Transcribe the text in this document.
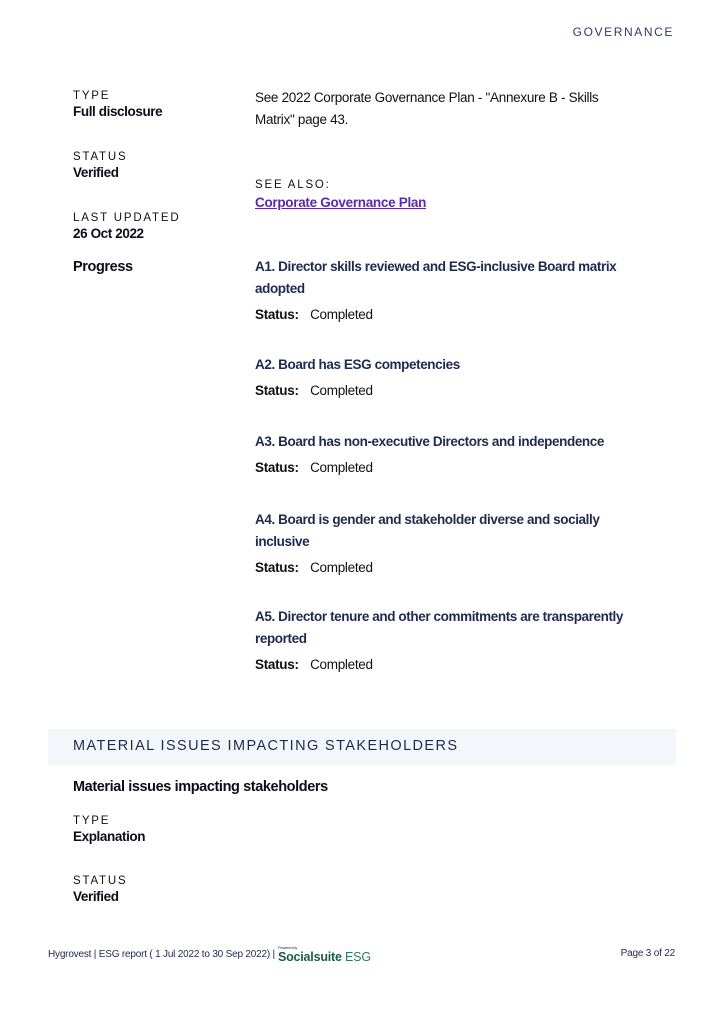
GOVERNANCE
TYPE
Full disclosure
STATUS
Verified
LAST UPDATED
26 Oct 2022
See 2022 Corporate Governance Plan - "Annexure B - Skills Matrix" page 43.
SEE ALSO:
Corporate Governance Plan
Progress	A1. Director skills reviewed and ESG-inclusive Board matrix adopted
Status: Completed
A2. Board has ESG competencies
Status: Completed
A3. Board has non-executive Directors and independence
Status: Completed
A4. Board is gender and stakeholder diverse and socially inclusive
Status: Completed
A5. Director tenure and other commitments are transparently reported
Status: Completed
MATERIAL ISSUES IMPACTING STAKEHOLDERS
Material issues impacting stakeholders
TYPE
Explanation
STATUS
Verified
Hygrovest | ESG report ( 1 Jul 2022 to 30 Sep 2022) |
Powered by
Socialsuite ESG	Page 3 of 22
